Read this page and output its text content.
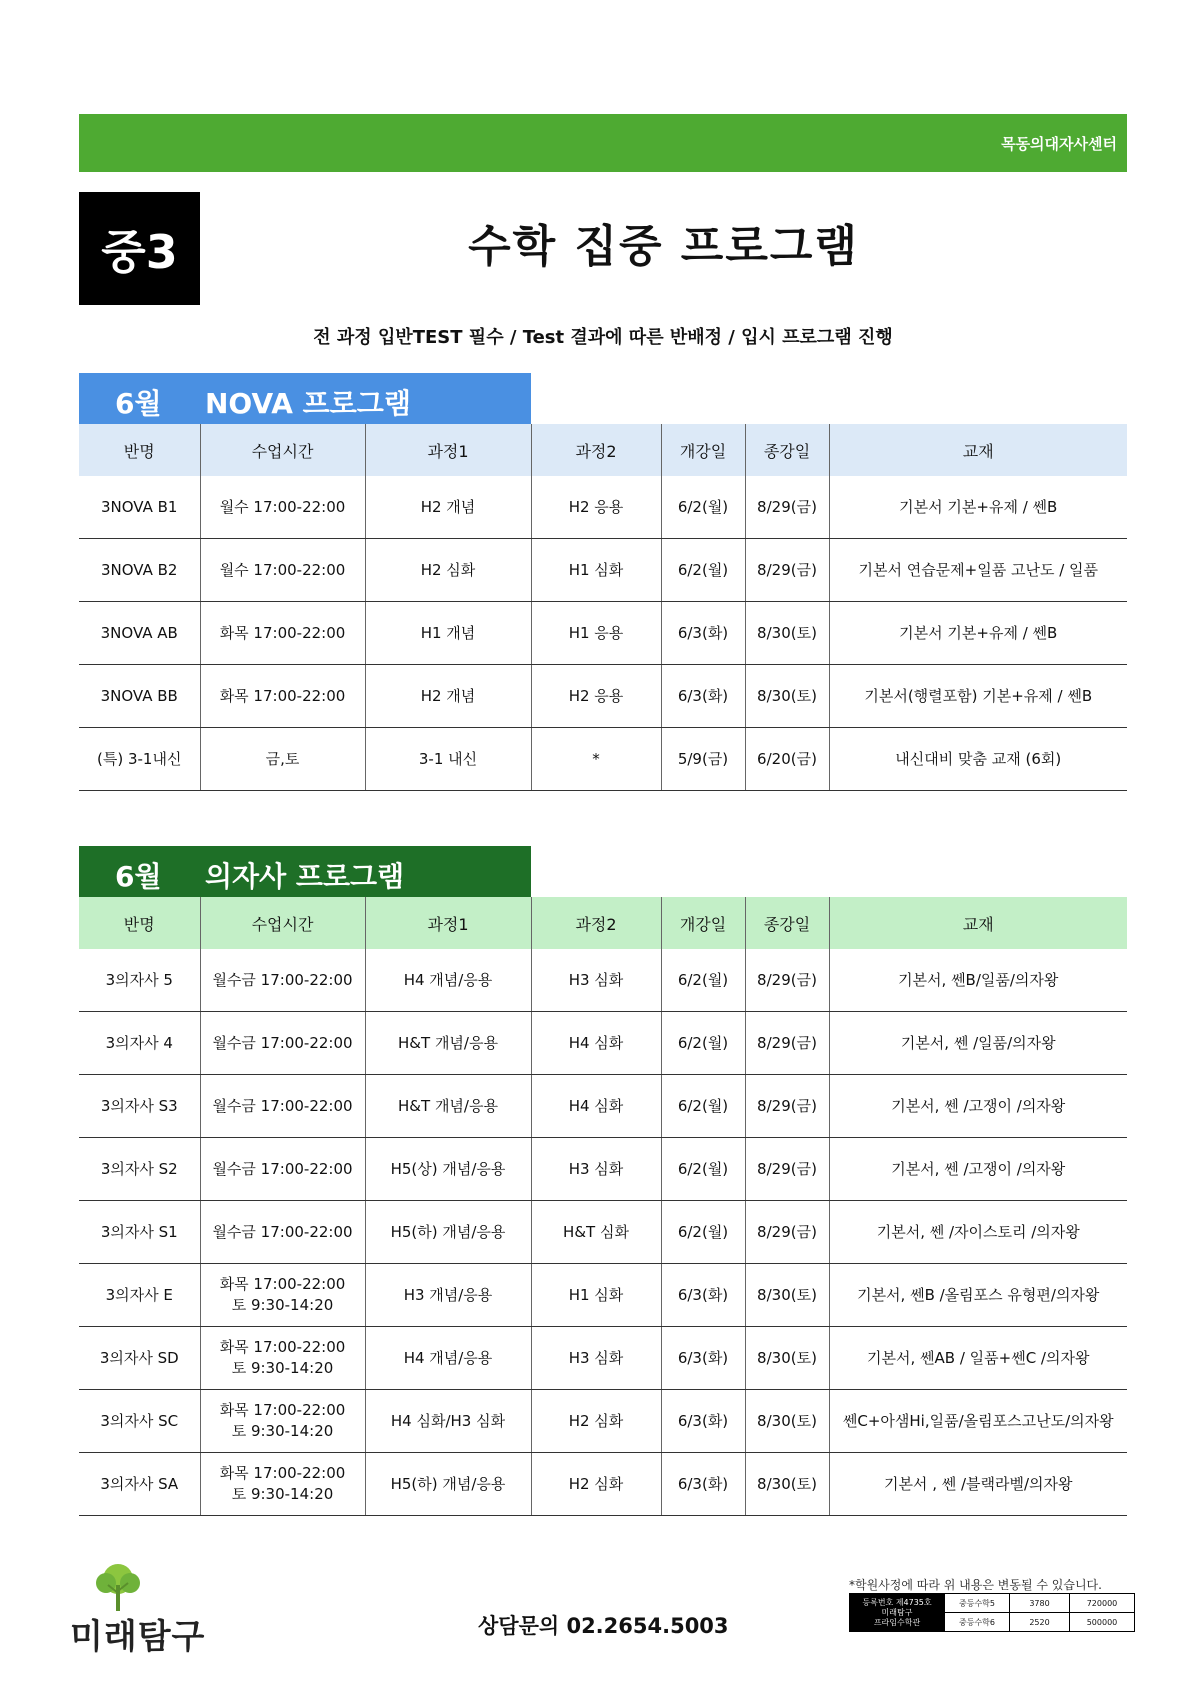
목동의대자사센터
중3	수학 집중 프로그램
전 과정 입반TEST 필수 / Test 결과에 따른 반배정 / 입시 프로그램 진행
6월 NOVA 프로그램
반명	수업시간	과정1	과정2	개강일	종강일	교재
3NOVA B1	월수 17:00-22:00	H2 개념	H2 응용	6/2(월)	8/29(금)	기본서 기본+유제 / 쎈B
3NOVA B2	월수 17:00-22:00	H2 심화	H1 심화	6/2(월)	8/29(금)	기본서 연습문제+일품 고난도 / 일품
3NOVA AB	화목 17:00-22:00	H1 개념	H1 응용	6/3(화)	8/30(토)	기본서 기본+유제 / 쎈B
3NOVA BB	화목 17:00-22:00	H2 개념	H2 응용	6/3(화)	8/30(토)	기본서(행렬포함) 기본+유제 / 쎈B
(특) 3-1내신	금,토	3-1 내신	*	5/9(금)	6/20(금)	내신대비 맞춤 교재 (6회)
6월 의자사 프로그램
반명	수업시간	과정1	과정2	개강일	종강일	교재
3의자사 5	월수금 17:00-22:00	H4 개념/응용	H3 심화	6/2(월)	8/29(금)	기본서, 쎈B/일품/의자왕
3의자사 4	월수금 17:00-22:00	H&T 개념/응용	H4 심화	6/2(월)	8/29(금)	기본서, 쎈 /일품/의자왕
3의자사 S3	월수금 17:00-22:00	H&T 개념/응용	H4 심화	6/2(월)	8/29(금)	기본서, 쎈 /고쟁이 /의자왕
3의자사 S2	월수금 17:00-22:00	H5(상) 개념/응용	H3 심화	6/2(월)	8/29(금)	기본서, 쎈 /고쟁이 /의자왕
3의자사 S1	월수금 17:00-22:00	H5(하) 개념/응용	H&T 심화	6/2(월)	8/29(금)	기본서, 쎈 /자이스토리 /의자왕
3의자사 E	화목 17:00-22:00
토 9:30-14:20	H3 개념/응용	H1 심화	6/3(화)	8/30(토)	기본서, 쎈B /올림포스 유형편/의자왕
3의자사 SD	화목 17:00-22:00
토 9:30-14:20	H4 개념/응용	H3 심화	6/3(화)	8/30(토)	기본서, 쎈AB / 일품+쎈C /의자왕
3의자사 SC	화목 17:00-22:00
토 9:30-14:20	H4 심화/H3 심화	H2 심화	6/3(화)	8/30(토)	쎈C+아샘Hi,일품/올림포스고난도/의자왕
3의자사 SA	화목 17:00-22:00
토 9:30-14:20	H5(하) 개념/응용	H2 심화	6/3(화)	8/30(토)	기본서 , 쎈 /블랙라벨/의자왕
미래탐구	상담문의 02.2654.5003
*학원사정에 따라 위 내용은 변동될 수 있습니다.
등록번호 제4735호
미래탐구
프라임수학관	중등수학5	3780	720000
	중등수학6	2520	500000
